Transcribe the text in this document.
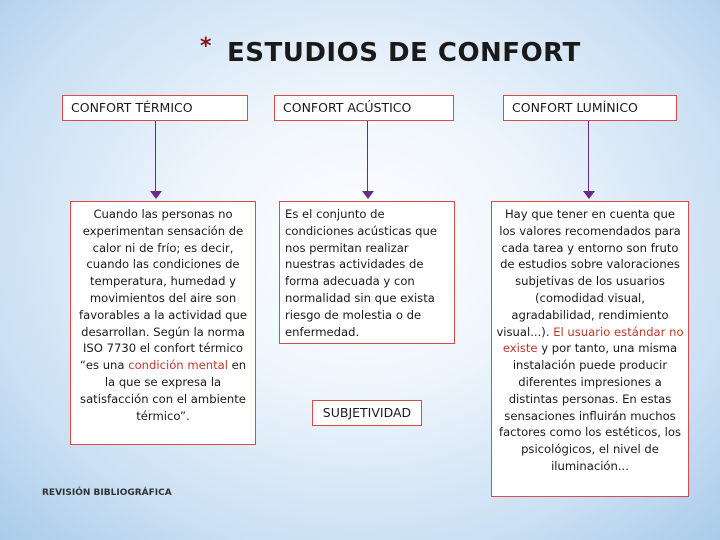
* ESTUDIOS DE CONFORT
CONFORT TÉRMICO
Cuando las personas no experimentan sensación de calor ni de frío; es decir, cuando las condiciones de temperatura, humedad y movimientos del aire son favorables a la actividad que desarrollan. Según la norma ISO 7730 el confort térmico “es una condición mental en la que se expresa la satisfacción con el ambiente térmico”.
CONFORT ACÚSTICO
Es el conjunto de condiciones acústicas que nos permitan realizar nuestras actividades de forma adecuada y con normalidad sin que exista riesgo de molestia o de enfermedad.
SUBJETIVIDAD
CONFORT LUMÍNICO
Hay que tener en cuenta que los valores recomendados para cada tarea y entorno son fruto de estudios sobre valoraciones subjetivas de los usuarios (comodidad visual, agradabilidad, rendimiento visual...). El usuario estándar no existe y por tanto, una misma instalación puede producir diferentes impresiones a distintas personas. En estas sensaciones influirán muchos factores como los estéticos, los psicológicos, el nivel de iluminación...
REVISIÓN BIBLIOGRÁFICA
